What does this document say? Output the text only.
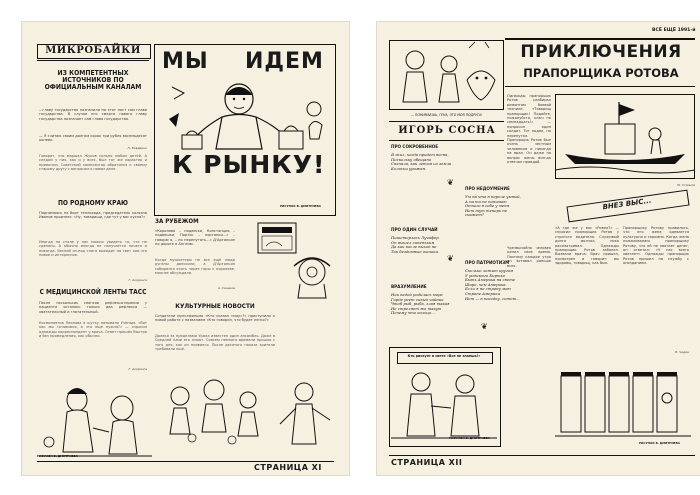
МИКРОБАЙКИ
ИЗ КОМПЕТЕНТНЫХ ИСТОЧНИКОВ ПО ОФИЦИАЛЬНЫМ КАНАЛАМ
...главу государства назначили на этот пост сам глава государства. В случае его смерти нового главу государства назначает сам глава государства.
— Я считаю своим долгом сорок три рубля восемьдесят копеек.
Н. Бовденко
Говорят, что маршал Жуков сильно любил детей. А следом у них, как и у всех, был тот же характер и привычки. Советский композитор обратился к своему старому другу с вопросом о новом деле.
ПО РОДНОМУ КРАЮ
Поднимаясь на борт теплохода, председатель колхоза Иванов произнес: «Ну, товарищи, где тут у вас кухня?»
Иногда на столе у нас можно увидеть то, что не сделано. А обычно иногда не получается ничего и никогда. Весной из-под снега выходит на свет кое-что новое и интересное.
Г. Акоринга
С МЕДИЦИНСКОЙ ЛЕНТЫ ТАСС
После нескольких сеансов рефлексотерапии у пациента остались только два рефлекса — хватательный и глотательный.
Космонавтов Леонова в шутку называли Учёным. «Вот как мы готовимся, а что ещё нужно?» — спросил однажды корреспондент у врача. Ответ пришёл быстро и без промедления, как обычно.
Г. Акоринга
МЫ ИДЕМ
К РЫНКУ!
РИСУНОК В. ДМИТРИЕВА
ЗА РУБЕЖОМ
«Королева – подвески, Констанция – подвешки, Портос – портянки...» – говорю я, – но перепутать...» Д'Артаньян по дороге в Англию.
Когда мушкетеры не все ещё люди руганы доносили, а Д'Артаньян собирался ехать через горы к королеве, многие обсуждали.
А. Синяков
КУЛЬТУРНЫЕ НОВОСТИ
Создатели мультфильма «Кто сказал «мяу»?» приступили к новой работе с названием «Кто говорил, что будет легко?»
Далеко за пределами Урала известен один ансамбль. Даже в Средней Азии его знают. Совсем немного времени прошло с того дня, как он появился. После десятого показа зрители требовали ещё.
РИСУНОК В. ДМИТРИЕВА
СТРАНИЦА XI
ВСЁ ЕЩЁ 1991-й
— ПОНИМАЕШЬ, ГЕНА, ЭТО МОЯ ПОДРУГА!
ИГОРЬ СОСНА
ПРО СОКРОВЕННОЕ
Я жил, когда придет весна,
Поскольку обещано
Сначала, как летом из земли
Колоски урожая.
ПРО ОДИН СЛУЧАЙ
Пишеторлась Лучафер
Он вышел синеньким
Да как после выход не
Так бездомные окошки.
ВРАЗУМЛЕНИЕ
Ник ведой родилась море
Горде реет сизый чайник
Чтоб рыб, рыба, злая такая
Не стреляет мы такую
Почему что кольцо...
ПРО НЕДОУМЕНИЕ
Ум на что в пароле умный,
А на то не понимаю
Отчего в себе у меня
Нет тут теперь не скажет?
ПРО ПАТРИОТИЗМ
Сколько лежит кругом
У родимого Бирюза
Быть Америка на свете
Шире, чем Америка.
Если я не страну мою
Стране Америки
Нет — в поездку, сотню...
❦
❦
❦
Кто рискует в свете «Все не знаешь!»
РИСУНОК В. ДМИТРИЕВА
ПРИКЛЮЧЕНИЯ
ПРАПОРЩИКА РОТОВА
Однажды прапорщик Ротов разбирал ремонтом боевой технике. «Товарищ прапорщик! Подайте, пожалуйста, ключ на семнадцать!» — попросил один солдат. Тот подал, но перепутал. Прапорщик Ротов был очень честным человеком и никогда не врал. Он даже на вопрос жены всегда отвечал правдой.
Чрезвычайно человек ценил свое время. Поэтому каждое утро он вставал раньше всех.
Ю. Угринов
ВНЕЗ ВЫС...
«А где же у вас «Ровно?» — спросил прапорщик Ротов у строгого водителя. Служивый долго молчал, пока рассматривал. Однажды прапорщик Ротов заболел. Вызвали врача. Врач пришел, посмотрел и говорит: вы здоровы, товарищ, как бык.
Прапорщику Ротову нравилось, что его жена одевается культурно и скромно. Когда жена пожаловалась прапорщику Ротову, что ей не хватает денег, он ответил: «У нас всего хватает». Однажды прапорщик Ротов пришел на службу с опозданием.
В. Чадин
РИСУНОК В. ДМИТРИЕВА
СТРАНИЦА XII
